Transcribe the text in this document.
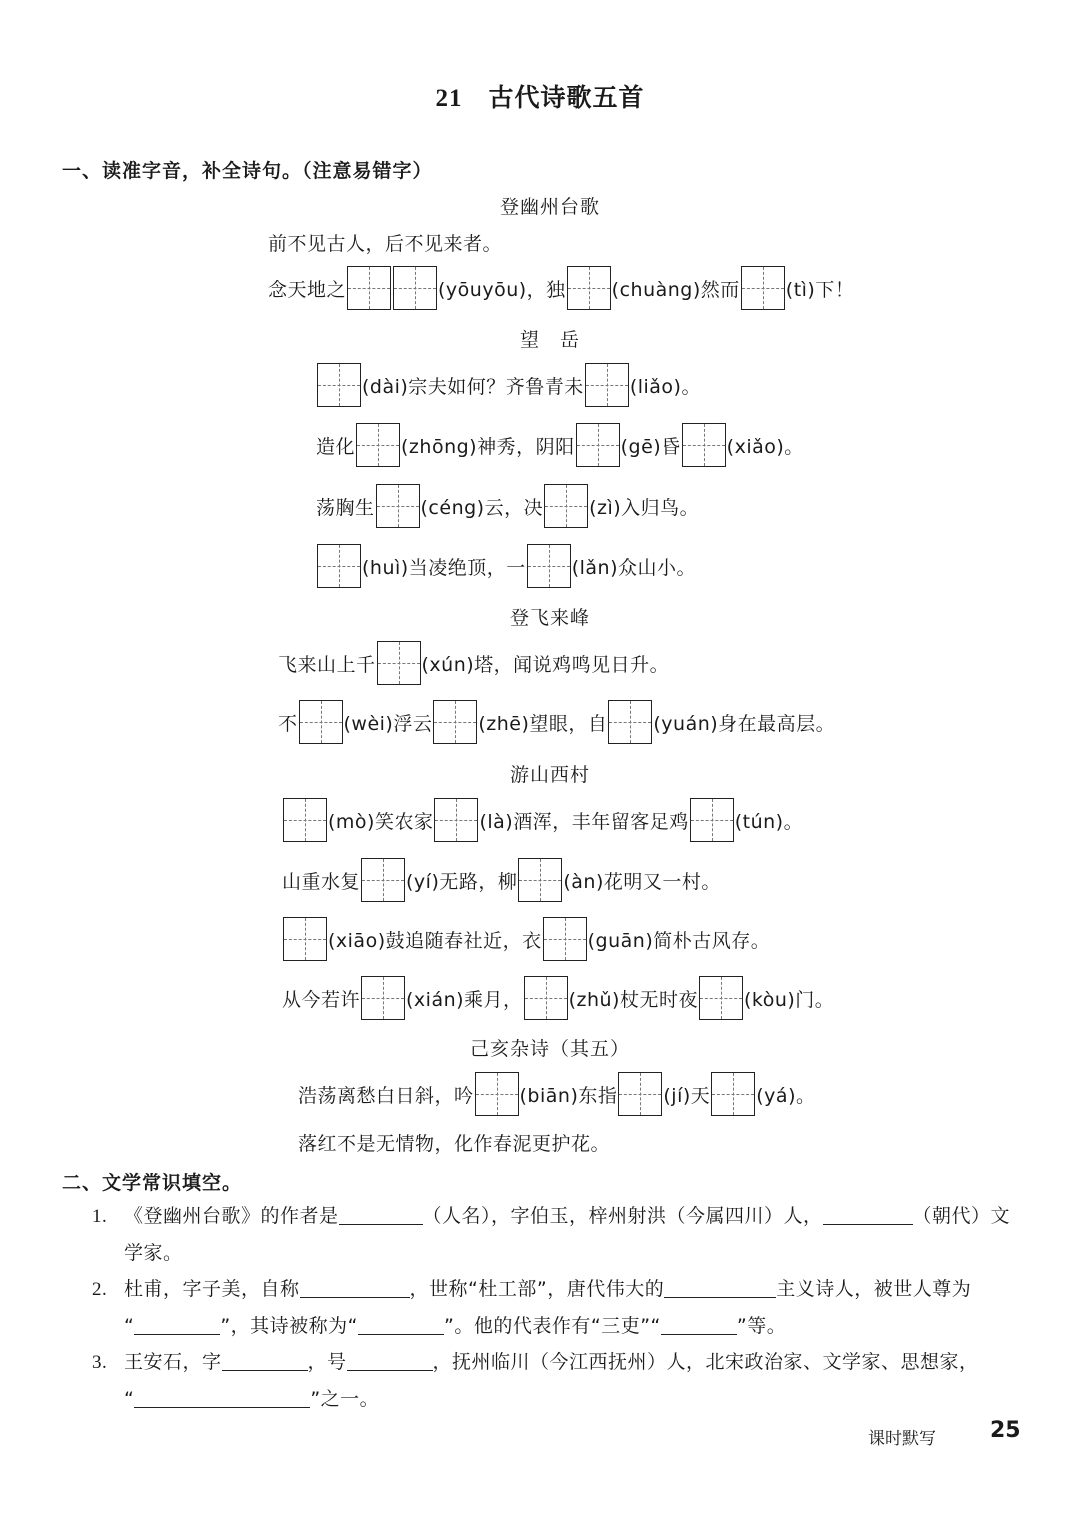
21 古代诗歌五首
一、读准字音，补全诗句。（注意易错字）
登幽州台歌
前不见古人，后不见来者。
念天地之	(yōuyōu)，独 (chuàng)然而 (tì)下！
望　岳
(dài)宗夫如何？齐鲁青未 (liǎo)。
造化 (zhōng)神秀，阴阳 (gē)昏 (xiǎo)。
荡胸生 (céng)云，决 (zì)入归鸟。
(huì)当凌绝顶，一 (lǎn)众山小。
登飞来峰
飞来山上千 (xún)塔，闻说鸡鸣见日升。
不 (wèi)浮云 (zhē)望眼，自 (yuán)身在最高层。
游山西村
(mò)笑农家 (là)酒浑，丰年留客足鸡 (tún)。
山重水复 (yí)无路，柳 (àn)花明又一村。
(xiāo)鼓追随春社近，衣 (guān)简朴古风存。
从今若许 (xián)乘月， (zhǔ)杖无时夜 (kòu)门。
己亥杂诗（其五）
浩荡离愁白日斜，吟 (biān)东指 (jí)天 (yá)。
落红不是无情物，化作春泥更护花。
二、文学常识填空。
1. 《登幽州台歌》的作者是	（人名），字伯玉，梓州射洪（今属四川）人，	（朝代）文
学家。
2. 杜甫，字子美，自称	，世称“杜工部”，唐代伟大的	主义诗人，被世人尊为
“	”，其诗被称为“	”。他的代表作有“三吏”“	”等。
3. 王安石，字	，号	，抚州临川（今江西抚州）人，北宋政治家、文学家、思想家，
“	”之一。
课时默写 25
